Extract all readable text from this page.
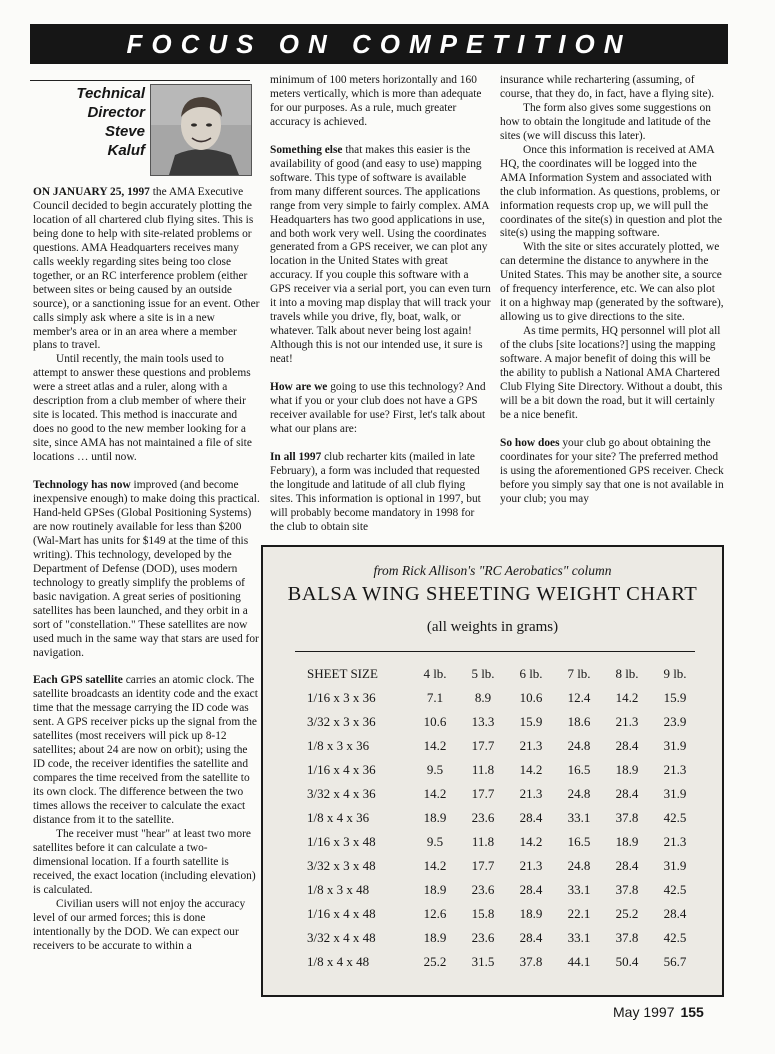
FOCUS ON COMPETITION
Technical
Director
Steve
Kaluf

ON JANUARY 25, 1997 the AMA Executive Council decided to begin accurately plotting the location of all chartered club flying sites. This is being done to help with site-related problems or questions. AMA Headquarters receives many calls weekly regarding sites being too close together, or an RC interference problem (either between sites or being caused by an outside source), or a sanctioning issue for an event. Other calls simply ask where a site is in a new member's area or in an area where a member plans to travel.

Until recently, the main tools used to attempt to answer these questions and problems were a street atlas and a ruler, along with a description from a club member of where their site is located. This method is inaccurate and does no good to the new member looking for a site, since AMA has not maintained a file of site locations … until now.

Technology has now improved (and become inexpensive enough) to make doing this practical. Hand-held GPSes (Global Positioning Systems) are now routinely available for less than $200 (Wal-Mart has units for $149 at the time of this writing). This technology, developed by the Department of Defense (DOD), uses modern technology to greatly simplify the problems of basic navigation. A great series of positioning satellites has been launched, and they orbit in a sort of "constellation." These satellites are now used much in the same way that stars are used for navigation.

Each GPS satellite carries an atomic clock. The satellite broadcasts an identity code and the exact time that the message carrying the ID code was sent. A GPS receiver picks up the signal from the satellites (most receivers will pick up 8-12 satellites; about 24 are now on orbit); using the ID code, the receiver identifies the satellite and compares the time received from the satellite to its own clock. The difference between the two times allows the receiver to calculate the exact distance from it to the satellite.

The receiver must "hear" at least two more satellites before it can calculate a two-dimensional location. If a fourth satellite is received, the exact location (including elevation) is calculated.

Civilian users will not enjoy the accuracy level of our armed forces; this is done intentionally by the DOD. We can expect our receivers to be accurate to within a

minimum of 100 meters horizontally and 160 meters vertically, which is more than adequate for our purposes. As a rule, much greater accuracy is achieved.

Something else that makes this easier is the availability of good (and easy to use) mapping software. This type of software is available from many different sources. The applications range from very simple to fairly complex. AMA Headquarters has two good applications in use, and both work very well. Using the coordinates generated from a GPS receiver, we can plot any location in the United States with great accuracy. If you couple this software with a GPS receiver via a serial port, you can even turn it into a moving map display that will track your travels while you drive, fly, boat, walk, or whatever. Talk about never being lost again! Although this is not our intended use, it sure is neat!

How are we going to use this technology? And what if you or your club does not have a GPS receiver available for use? First, let's talk about what our plans are:

In all 1997 club recharter kits (mailed in late February), a form was included that requested the longitude and latitude of all club flying sites. This information is optional in 1997, but will probably become mandatory in 1998 for the club to obtain site

insurance while rechartering (assuming, of course, that they do, in fact, have a flying site).

The form also gives some suggestions on how to obtain the longitude and latitude of the sites (we will discuss this later).

Once this information is received at AMA HQ, the coordinates will be logged into the AMA Information System and associated with the club information. As questions, problems, or information requests crop up, we will pull the coordinates of the site(s) in question and plot the site(s) using the mapping software.

With the site or sites accurately plotted, we can determine the distance to anywhere in the United States. This may be another site, a source of frequency interference, etc. We can also plot it on a highway map (generated by the software), allowing us to give directions to the site.

As time permits, HQ personnel will plot all of the clubs [site locations?] using the mapping software. A major benefit of doing this will be the ability to publish a National AMA Chartered Club Flying Site Directory. Without a doubt, this will be a bit down the road, but it will certainly be a nice benefit.

So how does your club go about obtaining the coordinates for your site? The preferred method is using the aforementioned GPS receiver. Check before you simply say that one is not available in your club; you may

from Rick Allison's "RC Aerobatics" column
BALSA WING SHEETING WEIGHT CHART
(all weights in grams)
SHEET SIZE	4 lb.	5 lb.	6 lb.	7 lb.	8 lb.	9 lb.
1/16 x 3 x 36	7.1	8.9	10.6	12.4	14.2	15.9
3/32 x 3 x 36	10.6	13.3	15.9	18.6	21.3	23.9
1/8 x 3 x 36	14.2	17.7	21.3	24.8	28.4	31.9
1/16 x 4 x 36	9.5	11.8	14.2	16.5	18.9	21.3
3/32 x 4 x 36	14.2	17.7	21.3	24.8	28.4	31.9
1/8 x 4 x 36	18.9	23.6	28.4	33.1	37.8	42.5
1/16 x 3 x 48	9.5	11.8	14.2	16.5	18.9	21.3
3/32 x 3 x 48	14.2	17.7	21.3	24.8	28.4	31.9
1/8 x 3 x 48	18.9	23.6	28.4	33.1	37.8	42.5
1/16 x 4 x 48	12.6	15.8	18.9	22.1	25.2	28.4
3/32 x 4 x 48	18.9	23.6	28.4	33.1	37.8	42.5
1/8 x 4 x 48	25.2	31.5	37.8	44.1	50.4	56.7
May 1997 155
